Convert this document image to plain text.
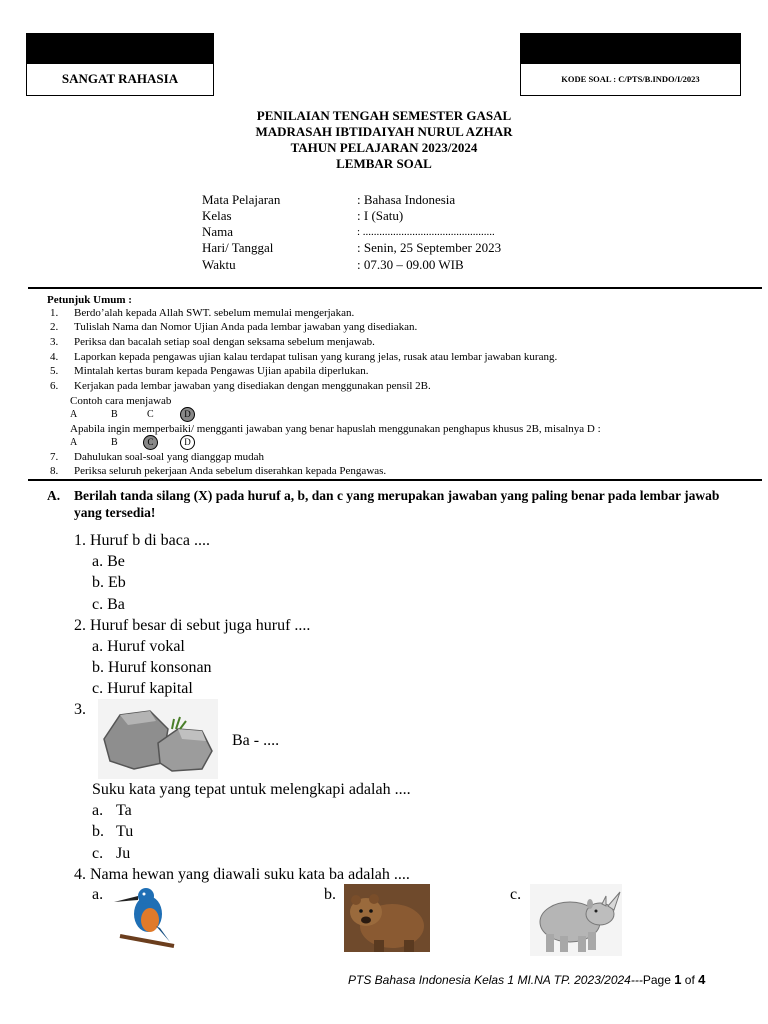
SANGAT RAHASIA	KODE SOAL : C/PTS/B.INDO/I/2023
PENILAIAN TENGAH SEMESTER GASAL
MADRASAH IBTIDAIYAH NURUL AZHAR
TAHUN PELAJARAN 2023/2024
LEMBAR SOAL
Mata Pelajaran	: Bahasa Indonesia
Kelas	: I (Satu)
Nama	: ................................................
Hari/ Tanggal	: Senin, 25 September 2023
Waktu	: 07.30 – 09.00 WIB
Petunjuk Umum :
1. Berdo’alah kepada Allah SWT. sebelum memulai mengerjakan.
2. Tulislah Nama dan Nomor Ujian Anda pada lembar jawaban yang disediakan.
3. Periksa dan bacalah setiap soal dengan seksama sebelum menjawab.
4. Laporkan kepada pengawas ujian kalau terdapat tulisan yang kurang jelas, rusak atau lembar jawaban kurang.
5. Mintalah kertas buram kepada Pengawas Ujian apabila diperlukan.
6. Kerjakan pada lembar jawaban yang disediakan dengan menggunakan pensil 2B.
Contoh cara menjawab
A	B	C	D
Apabila ingin memperbaiki/ mengganti jawaban yang benar hapuslah menggunakan penghapus khusus 2B, misalnya D :
A	B	C	D
7. Dahulukan soal-soal yang dianggap mudah
8. Periksa seluruh pekerjaan Anda sebelum diserahkan kepada Pengawas.
A. Berilah tanda silang (X) pada huruf a, b, dan c yang merupakan jawaban yang paling benar pada lembar jawab yang tersedia!
1. Huruf b di baca ....
a. Be
b. Eb
c. Ba
2. Huruf besar di sebut juga huruf ....
a. Huruf vokal
b. Huruf konsonan
c. Huruf kapital
3.
Ba - ....
Suku kata yang tepat untuk melengkapi adalah ....
a. Ta
b. Tu
c. Ju
4. Nama hewan yang diawali suku kata ba adalah ....
a.	b.	c.
PTS Bahasa Indonesia Kelas 1 MI.NA TP. 2023/2024---Page 1 of 4
